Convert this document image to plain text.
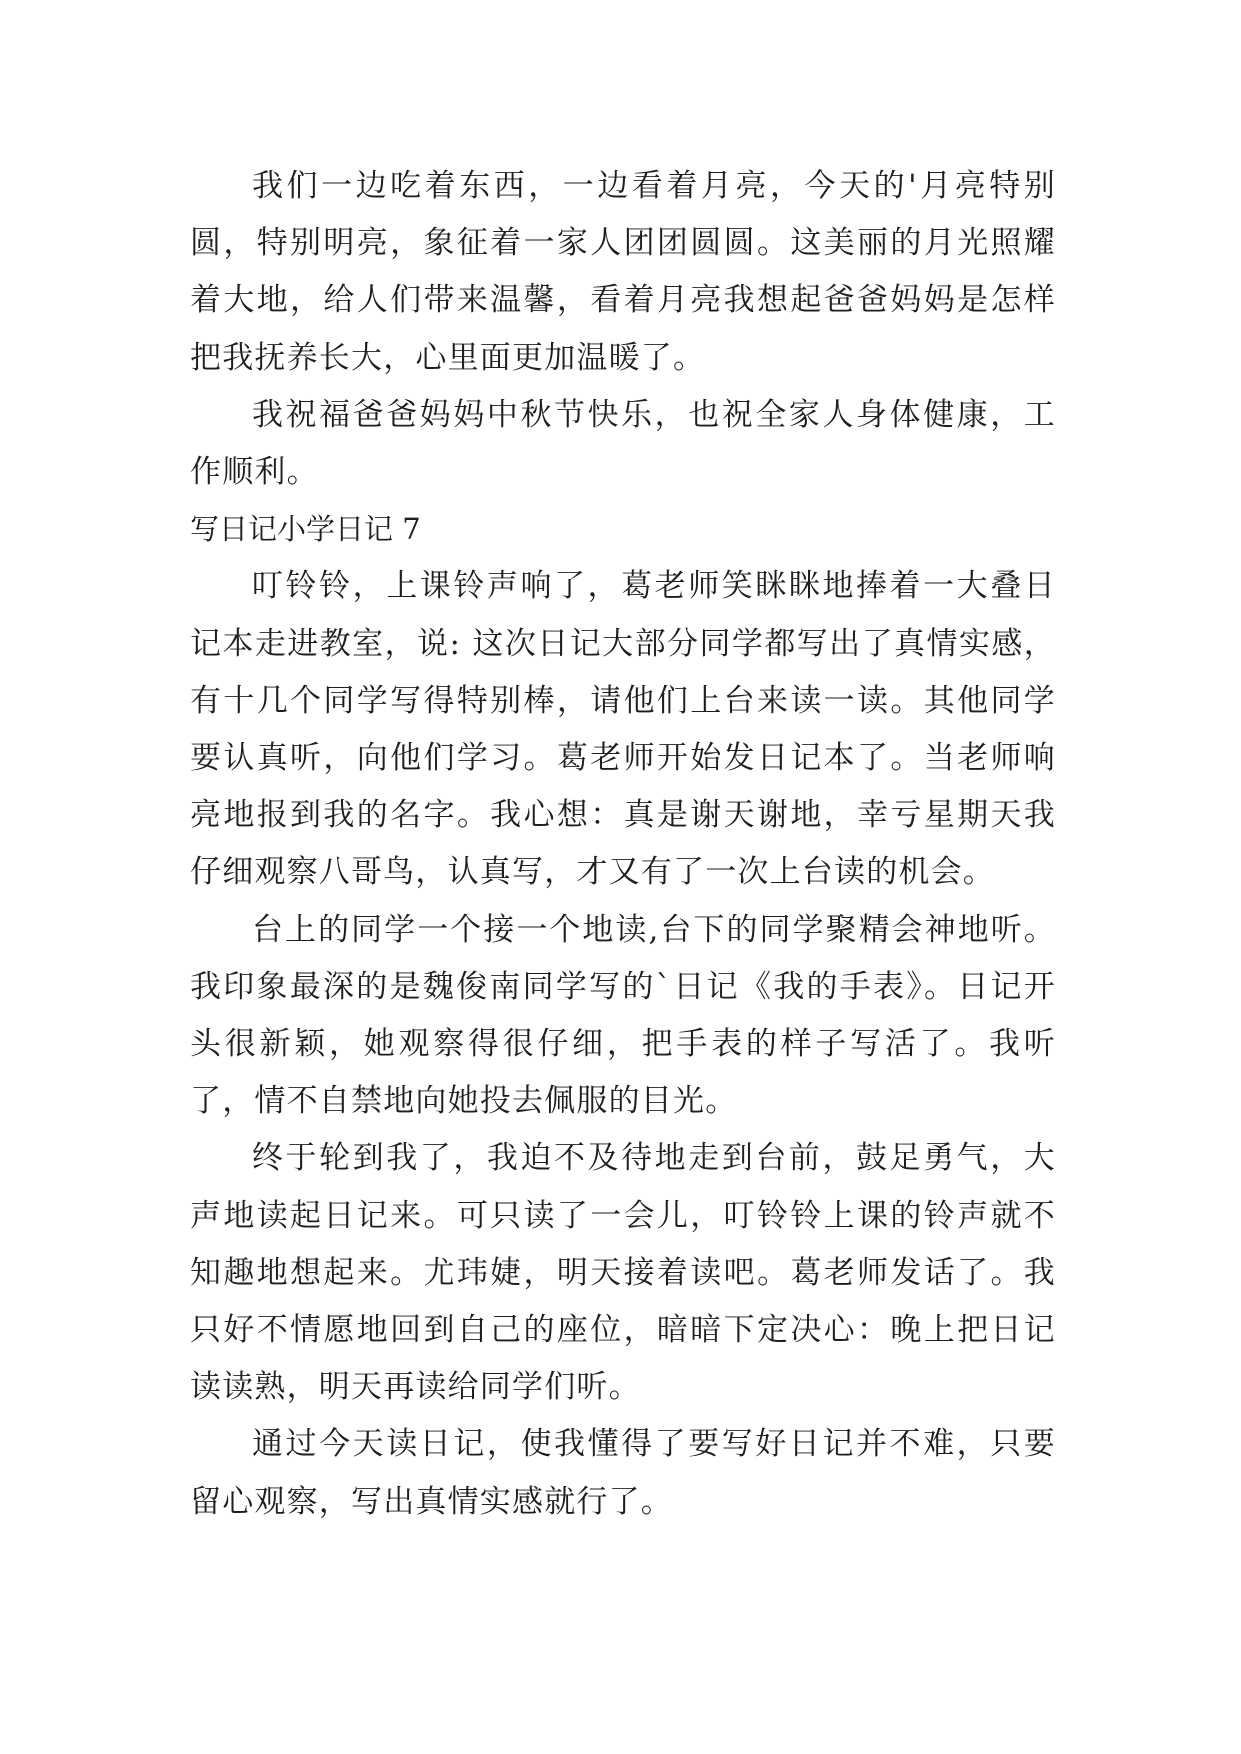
我们一边吃着东西，一边看着月亮，今天的'月亮特别圆，特别明亮，象征着一家人团团圆圆。这美丽的月光照耀着大地，给人们带来温馨，看着月亮我想起爸爸妈妈是怎样把我抚养长大，心里面更加温暖了。

我祝福爸爸妈妈中秋节快乐，也祝全家人身体健康，工作顺利。

写日记小学日记 7

叮铃铃，上课铃声响了，葛老师笑眯眯地捧着一大叠日记本走进教室，说: 这次日记大部分同学都写出了真情实感，有十几个同学写得特别棒，请他们上台来读一读。其他同学要认真听，向他们学习。葛老师开始发日记本了。当老师响亮地报到我的名字。我心想：真是谢天谢地，幸亏星期天我仔细观察八哥鸟，认真写，才又有了一次上台读的机会。

台上的同学一个接一个地读,台下的同学聚精会神地听。我印象最深的是魏俊南同学写的`日记《我的手表》。日记开头很新颖，她观察得很仔细，把手表的样子写活了。我听了，情不自禁地向她投去佩服的目光。

终于轮到我了，我迫不及待地走到台前，鼓足勇气，大声地读起日记来。可只读了一会儿，叮铃铃上课的铃声就不知趣地想起来。尤玮婕，明天接着读吧。葛老师发话了。我只好不情愿地回到自己的座位，暗暗下定决心：晚上把日记读读熟，明天再读给同学们听。

通过今天读日记，使我懂得了要写好日记并不难，只要留心观察，写出真情实感就行了。
